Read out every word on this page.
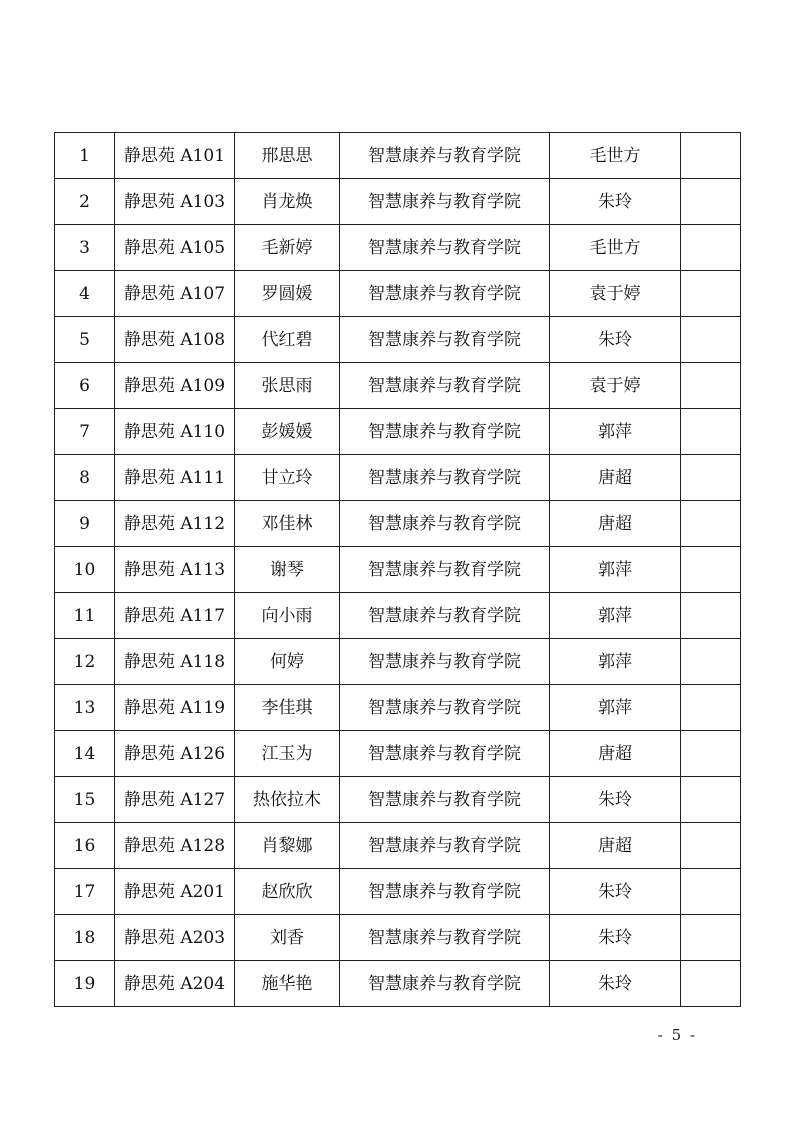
1	静思苑 A101	邢思思	智慧康养与教育学院	毛世方	
2	静思苑 A103	肖龙焕	智慧康养与教育学院	朱玲	
3	静思苑 A105	毛新婷	智慧康养与教育学院	毛世方	
4	静思苑 A107	罗圆媛	智慧康养与教育学院	袁于婷	
5	静思苑 A108	代红碧	智慧康养与教育学院	朱玲	
6	静思苑 A109	张思雨	智慧康养与教育学院	袁于婷	
7	静思苑 A110	彭媛媛	智慧康养与教育学院	郭萍	
8	静思苑 A111	甘立玲	智慧康养与教育学院	唐超	
9	静思苑 A112	邓佳林	智慧康养与教育学院	唐超	
10	静思苑 A113	谢琴	智慧康养与教育学院	郭萍	
11	静思苑 A117	向小雨	智慧康养与教育学院	郭萍	
12	静思苑 A118	何婷	智慧康养与教育学院	郭萍	
13	静思苑 A119	李佳琪	智慧康养与教育学院	郭萍	
14	静思苑 A126	江玉为	智慧康养与教育学院	唐超	
15	静思苑 A127	热依拉木	智慧康养与教育学院	朱玲	
16	静思苑 A128	肖黎娜	智慧康养与教育学院	唐超	
17	静思苑 A201	赵欣欣	智慧康养与教育学院	朱玲	
18	静思苑 A203	刘香	智慧康养与教育学院	朱玲	
19	静思苑 A204	施华艳	智慧康养与教育学院	朱玲	
- 5 -
